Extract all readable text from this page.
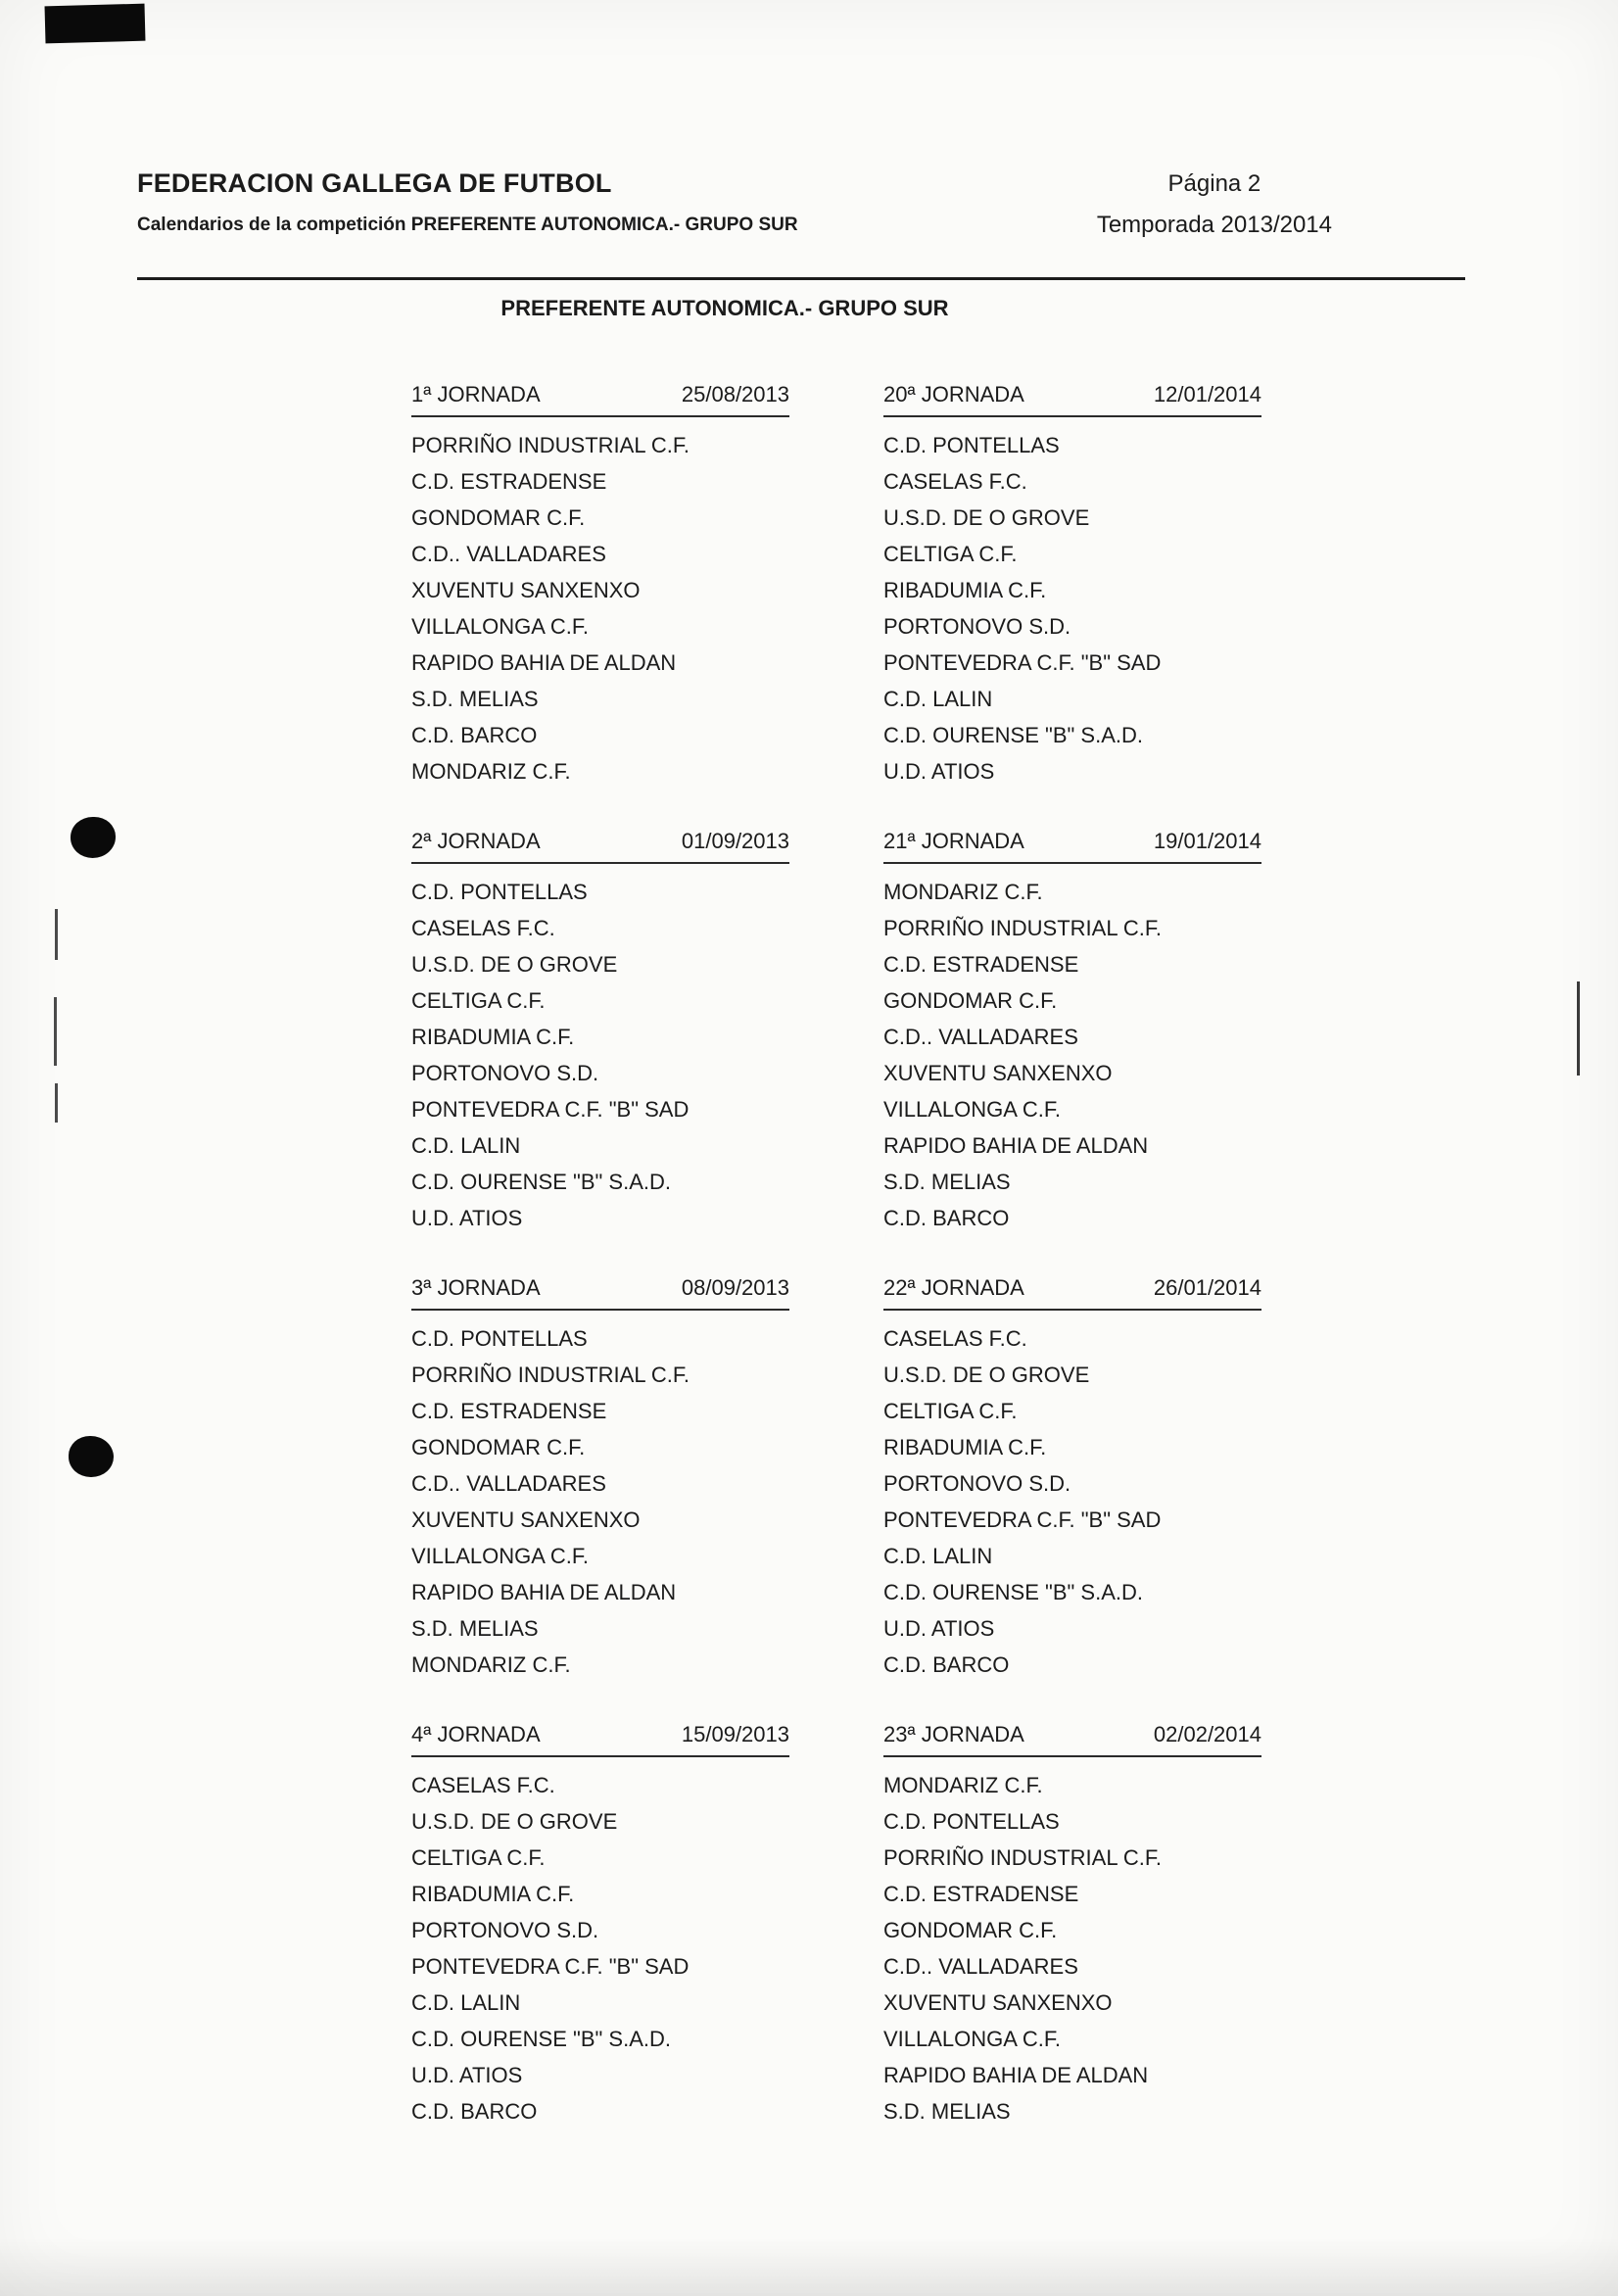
FEDERACION GALLEGA DE FUTBOL
Calendarios de la competición PREFERENTE AUTONOMICA.- GRUPO SUR
Página 2
Temporada 2013/2014
PREFERENTE AUTONOMICA.- GRUPO SUR
1ª JORNADA	25/08/2013
PORRIÑO INDUSTRIAL C.F.
C.D. ESTRADENSE
GONDOMAR C.F.
C.D.. VALLADARES
XUVENTU SANXENXO
VILLALONGA C.F.
RAPIDO BAHIA DE ALDAN
S.D. MELIAS
C.D. BARCO
MONDARIZ C.F.
20ª JORNADA	12/01/2014
C.D. PONTELLAS
CASELAS F.C.
U.S.D. DE O GROVE
CELTIGA C.F.
RIBADUMIA C.F.
PORTONOVO S.D.
PONTEVEDRA C.F. "B" SAD
C.D. LALIN
C.D. OURENSE "B" S.A.D.
U.D. ATIOS
2ª JORNADA	01/09/2013
C.D. PONTELLAS
CASELAS F.C.
U.S.D. DE O GROVE
CELTIGA C.F.
RIBADUMIA C.F.
PORTONOVO S.D.
PONTEVEDRA C.F. "B" SAD
C.D. LALIN
C.D. OURENSE "B" S.A.D.
U.D. ATIOS
21ª JORNADA	19/01/2014
MONDARIZ C.F.
PORRIÑO INDUSTRIAL C.F.
C.D. ESTRADENSE
GONDOMAR C.F.
C.D.. VALLADARES
XUVENTU SANXENXO
VILLALONGA C.F.
RAPIDO BAHIA DE ALDAN
S.D. MELIAS
C.D. BARCO
3ª JORNADA	08/09/2013
C.D. PONTELLAS
PORRIÑO INDUSTRIAL C.F.
C.D. ESTRADENSE
GONDOMAR C.F.
C.D.. VALLADARES
XUVENTU SANXENXO
VILLALONGA C.F.
RAPIDO BAHIA DE ALDAN
S.D. MELIAS
MONDARIZ C.F.
22ª JORNADA	26/01/2014
CASELAS F.C.
U.S.D. DE O GROVE
CELTIGA C.F.
RIBADUMIA C.F.
PORTONOVO S.D.
PONTEVEDRA C.F. "B" SAD
C.D. LALIN
C.D. OURENSE "B" S.A.D.
U.D. ATIOS
C.D. BARCO
4ª JORNADA	15/09/2013
CASELAS F.C.
U.S.D. DE O GROVE
CELTIGA C.F.
RIBADUMIA C.F.
PORTONOVO S.D.
PONTEVEDRA C.F. "B" SAD
C.D. LALIN
C.D. OURENSE "B" S.A.D.
U.D. ATIOS
C.D. BARCO
23ª JORNADA	02/02/2014
MONDARIZ C.F.
C.D. PONTELLAS
PORRIÑO INDUSTRIAL C.F.
C.D. ESTRADENSE
GONDOMAR C.F.
C.D.. VALLADARES
XUVENTU SANXENXO
VILLALONGA C.F.
RAPIDO BAHIA DE ALDAN
S.D. MELIAS
